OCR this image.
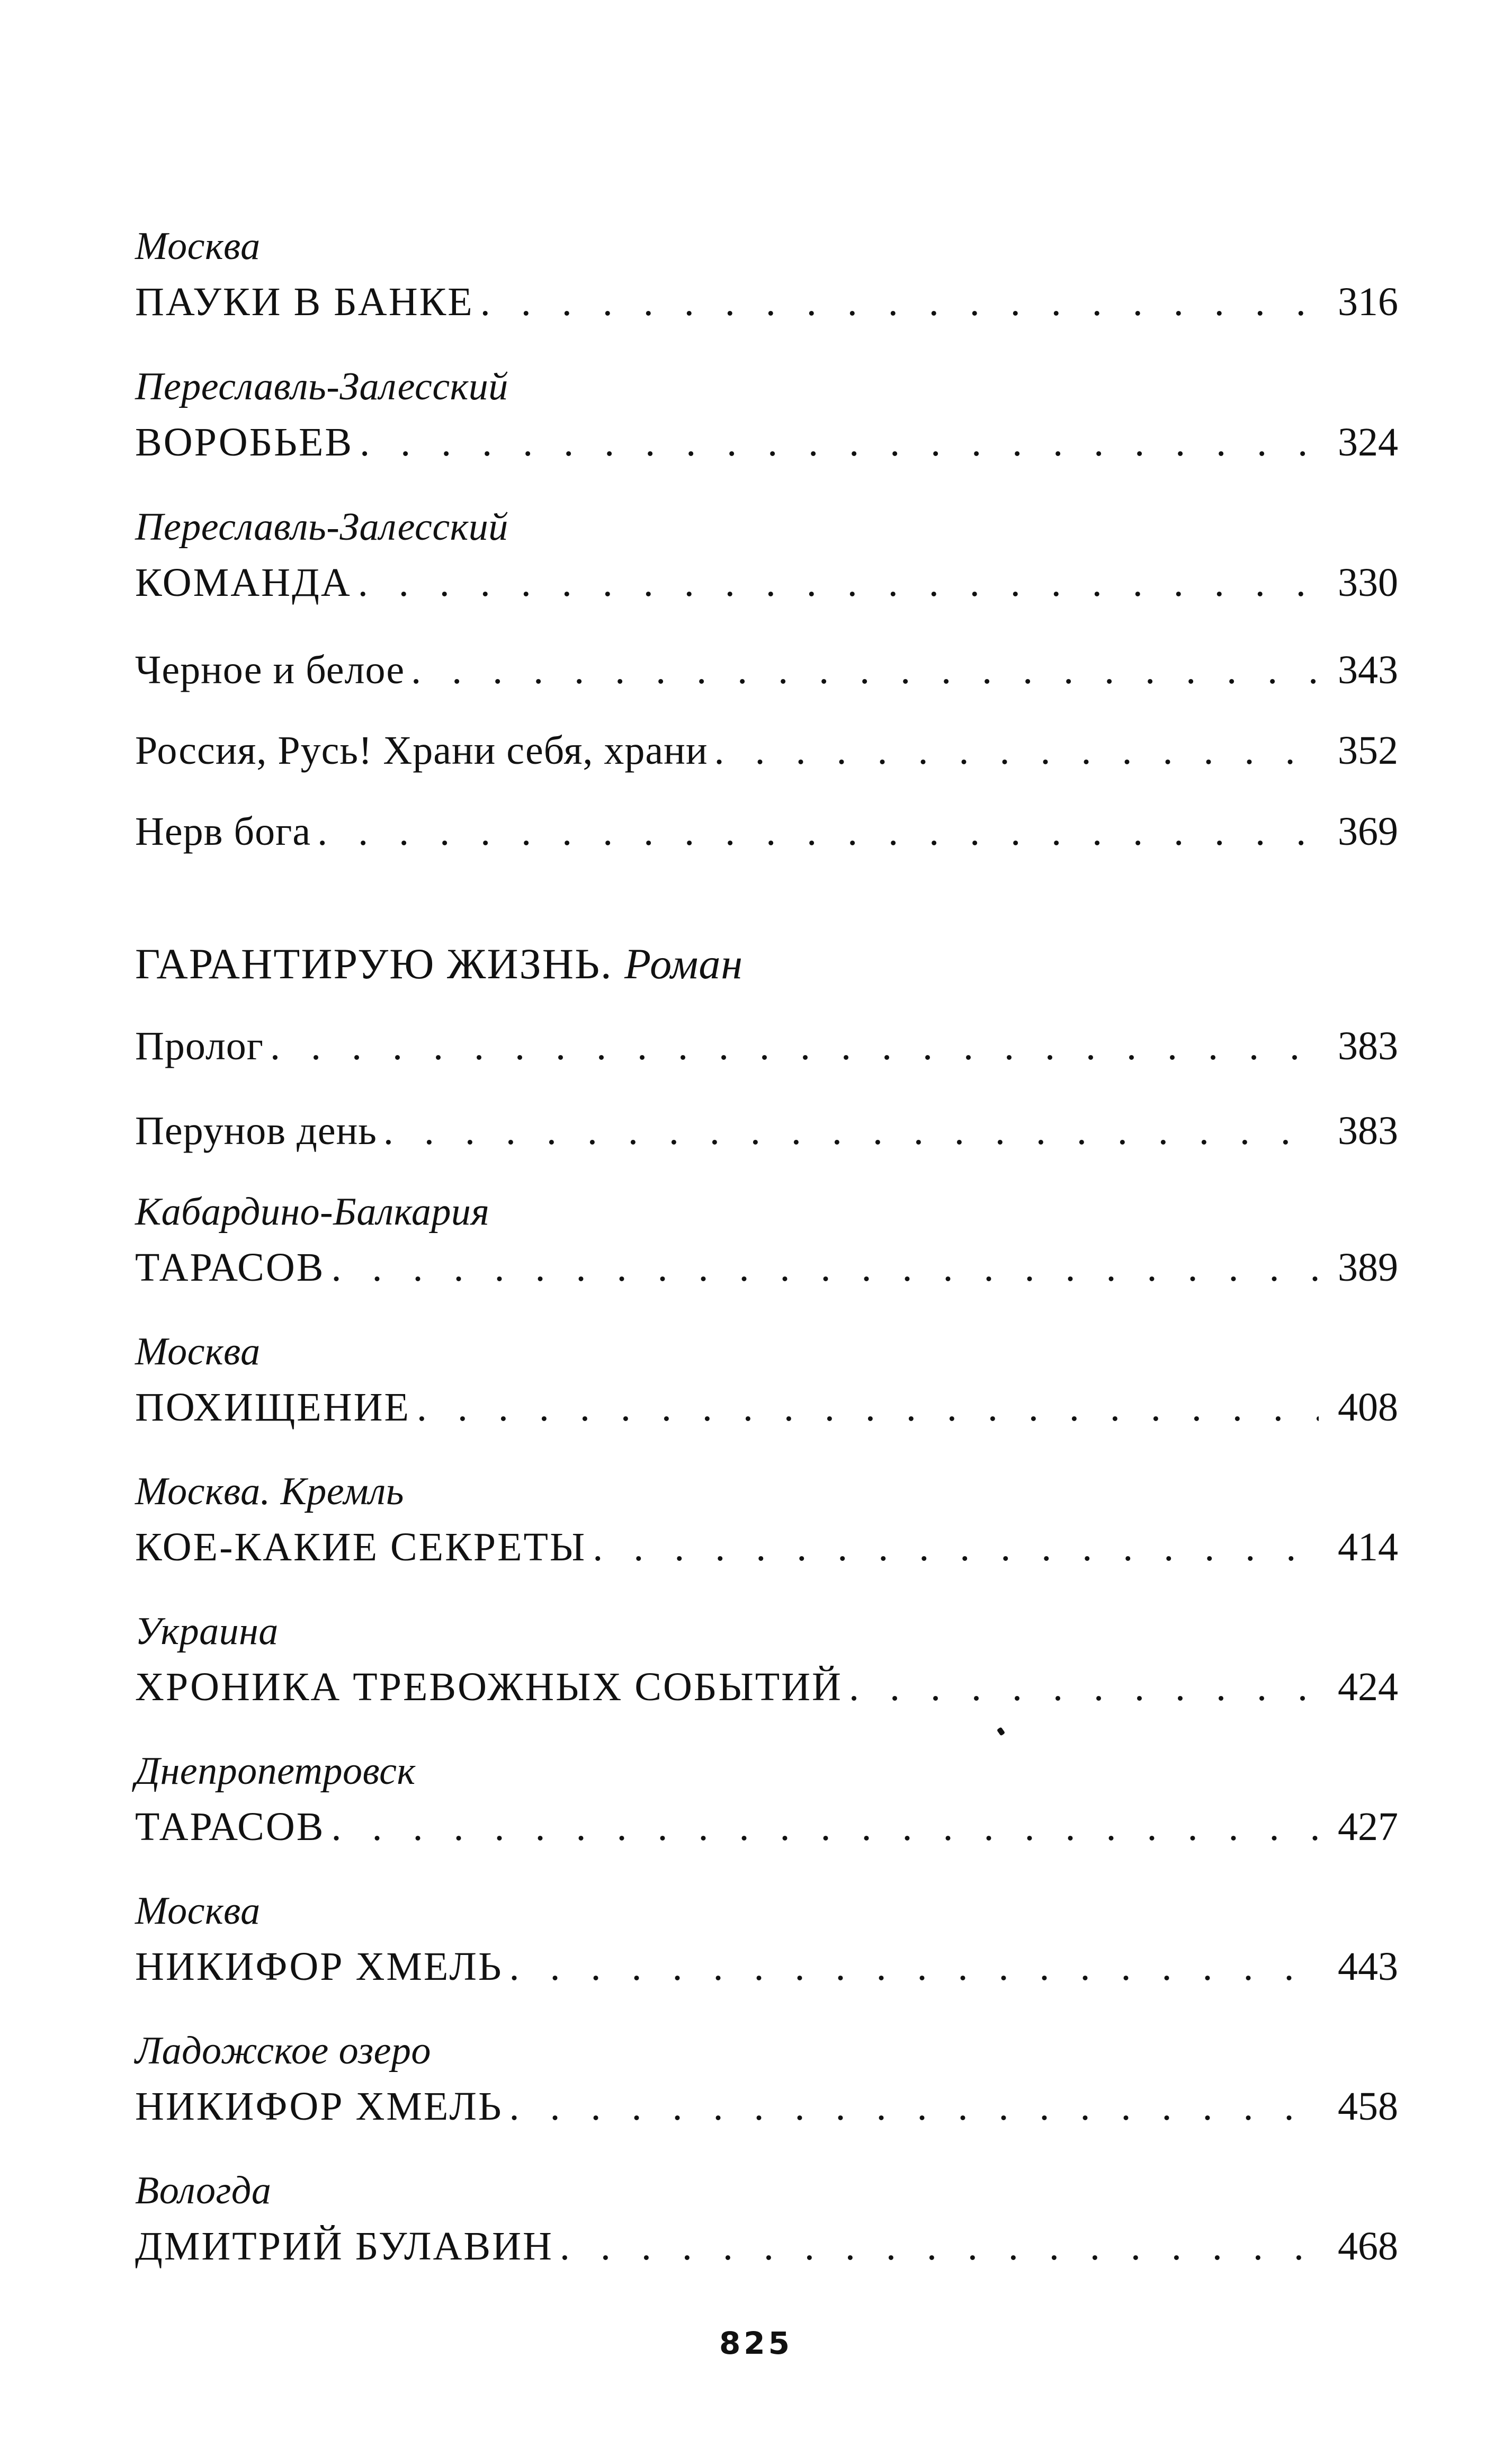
Москва
ПАУКИ В БАНКЕ . . .	316
Переславль-Залесский
ВОРОБЬЕВ . . .	324
Переславль-Залесский
КОМАНДА . . .	330
Черное и белое . . .	343
Россия, Русь! Храни себя, храни . . .	352
Нерв бога . . .	369
ГАРАНТИРУЮ ЖИЗНЬ. Роман
Пролог . . .	383
Перунов день . . .	383
Кабардино-Балкария
ТАРАСОВ . . .	389
Москва
ПОХИЩЕНИЕ . . .	408
Москва. Кремль
КОЕ-КАКИЕ СЕКРЕТЫ . . .	414
Украина
ХРОНИКА ТРЕВОЖНЫХ СОБЫТИЙ . . .	424
Днепропетровск
ТАРАСОВ . . .	427
Москва
НИКИФОР ХМЕЛЬ . . .	443
Ладожское озеро
НИКИФОР ХМЕЛЬ . . .	458
Вологда
ДМИТРИЙ БУЛАВИН . . .	468
825
